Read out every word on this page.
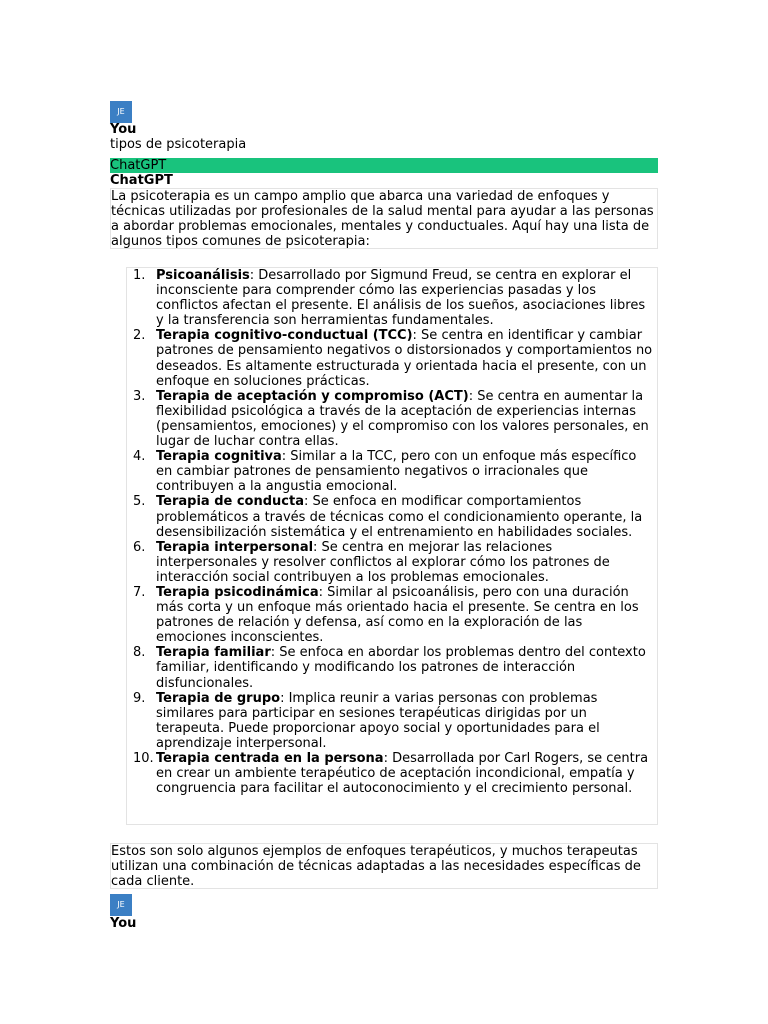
JE
You
tipos de psicoterapia
ChatGPT
ChatGPT
La psicoterapia es un campo amplio que abarca una variedad de enfoques y técnicas utilizadas por profesionales de la salud mental para ayudar a las personas a abordar problemas emocionales, mentales y conductuales. Aquí hay una lista de algunos tipos comunes de psicoterapia:
1. Psicoanálisis: Desarrollado por Sigmund Freud, se centra en explorar el inconsciente para comprender cómo las experiencias pasadas y los conflictos afectan el presente. El análisis de los sueños, asociaciones libres y la transferencia son herramientas fundamentales.
2. Terapia cognitivo-conductual (TCC): Se centra en identificar y cambiar patrones de pensamiento negativos o distorsionados y comportamientos no deseados. Es altamente estructurada y orientada hacia el presente, con un enfoque en soluciones prácticas.
3. Terapia de aceptación y compromiso (ACT): Se centra en aumentar la flexibilidad psicológica a través de la aceptación de experiencias internas (pensamientos, emociones) y el compromiso con los valores personales, en lugar de luchar contra ellas.
4. Terapia cognitiva: Similar a la TCC, pero con un enfoque más específico en cambiar patrones de pensamiento negativos o irracionales que contribuyen a la angustia emocional.
5. Terapia de conducta: Se enfoca en modificar comportamientos problemáticos a través de técnicas como el condicionamiento operante, la desensibilización sistemática y el entrenamiento en habilidades sociales.
6. Terapia interpersonal: Se centra en mejorar las relaciones interpersonales y resolver conflictos al explorar cómo los patrones de interacción social contribuyen a los problemas emocionales.
7. Terapia psicodinámica: Similar al psicoanálisis, pero con una duración más corta y un enfoque más orientado hacia el presente. Se centra en los patrones de relación y defensa, así como en la exploración de las emociones inconscientes.
8. Terapia familiar: Se enfoca en abordar los problemas dentro del contexto familiar, identificando y modificando los patrones de interacción disfuncionales.
9. Terapia de grupo: Implica reunir a varias personas con problemas similares para participar en sesiones terapéuticas dirigidas por un terapeuta. Puede proporcionar apoyo social y oportunidades para el aprendizaje interpersonal.
10. Terapia centrada en la persona: Desarrollada por Carl Rogers, se centra en crear un ambiente terapéutico de aceptación incondicional, empatía y congruencia para facilitar el autoconocimiento y el crecimiento personal.
Estos son solo algunos ejemplos de enfoques terapéuticos, y muchos terapeutas utilizan una combinación de técnicas adaptadas a las necesidades específicas de cada cliente.
JE
You
